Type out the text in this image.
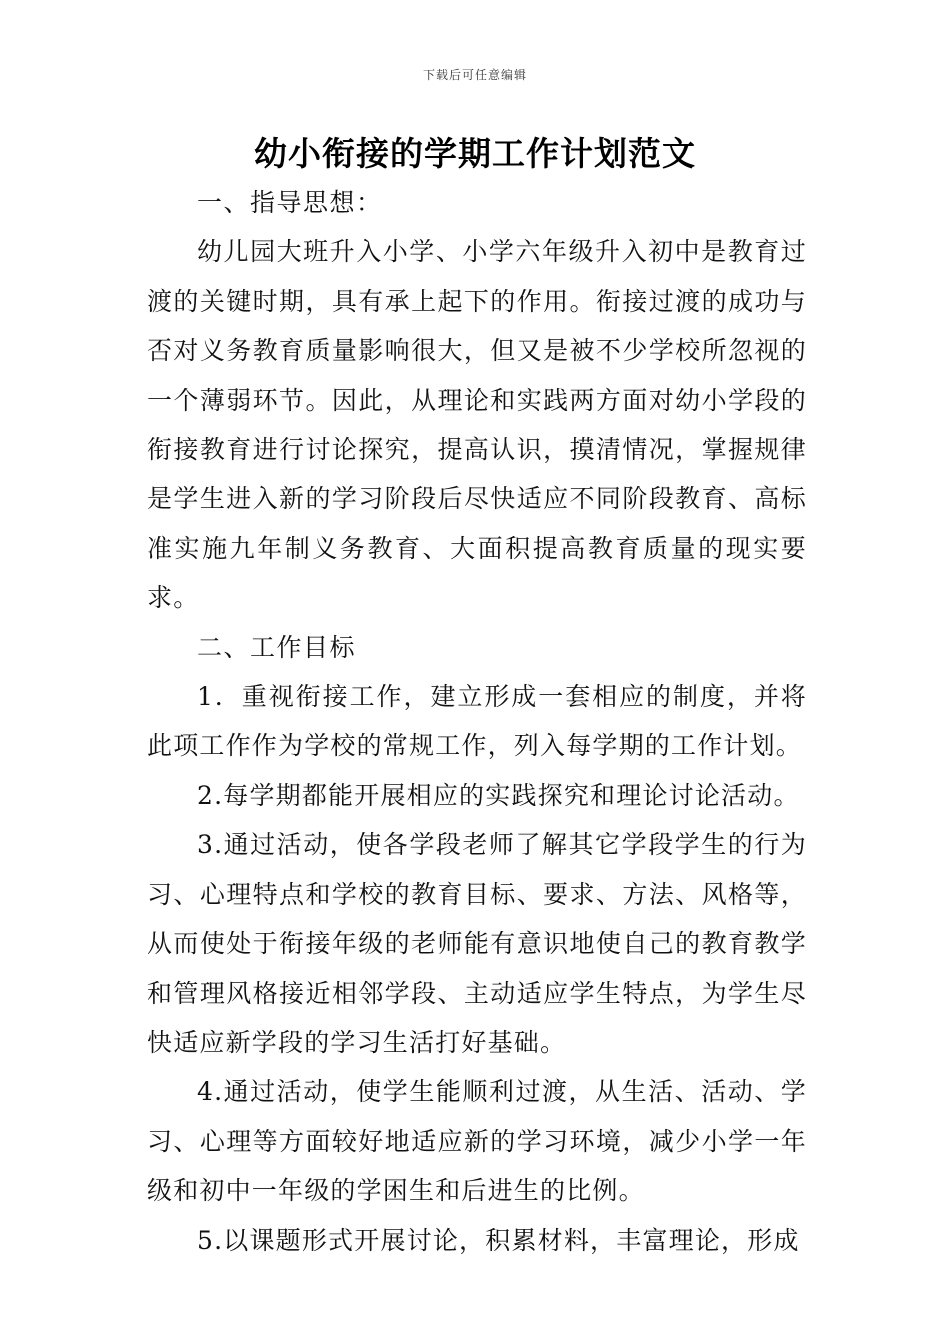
下载后可任意编辑
幼小衔接的学期工作计划范文

一、指导思想：

幼儿园大班升入小学、小学六年级升入初中是教育过渡的关键时期，具有承上起下的作用。衔接过渡的成功与否对义务教育质量影响很大，但又是被不少学校所忽视的一个薄弱环节。因此，从理论和实践两方面对幼小学段的衔接教育进行讨论探究，提高认识，摸清情况，掌握规律是学生进入新的学习阶段后尽快适应不同阶段教育、高标准实施九年制义务教育、大面积提高教育质量的现实要求。

二、工作目标

1．重视衔接工作，建立形成一套相应的制度，并将此项工作作为学校的常规工作，列入每学期的工作计划。

2.每学期都能开展相应的实践探究和理论讨论活动。

3.通过活动，使各学段老师了解其它学段学生的行为习、心理特点和学校的教育目标、要求、方法、风格等，从而使处于衔接年级的老师能有意识地使自己的教育教学和管理风格接近相邻学段、主动适应学生特点，为学生尽快适应新学段的学习生活打好基础。

4.通过活动，使学生能顺利过渡，从生活、活动、学习、心理等方面较好地适应新的学习环境，减少小学一年级和初中一年级的学困生和后进生的比例。

5.以课题形式开展讨论，积累材料，丰富理论，形成
